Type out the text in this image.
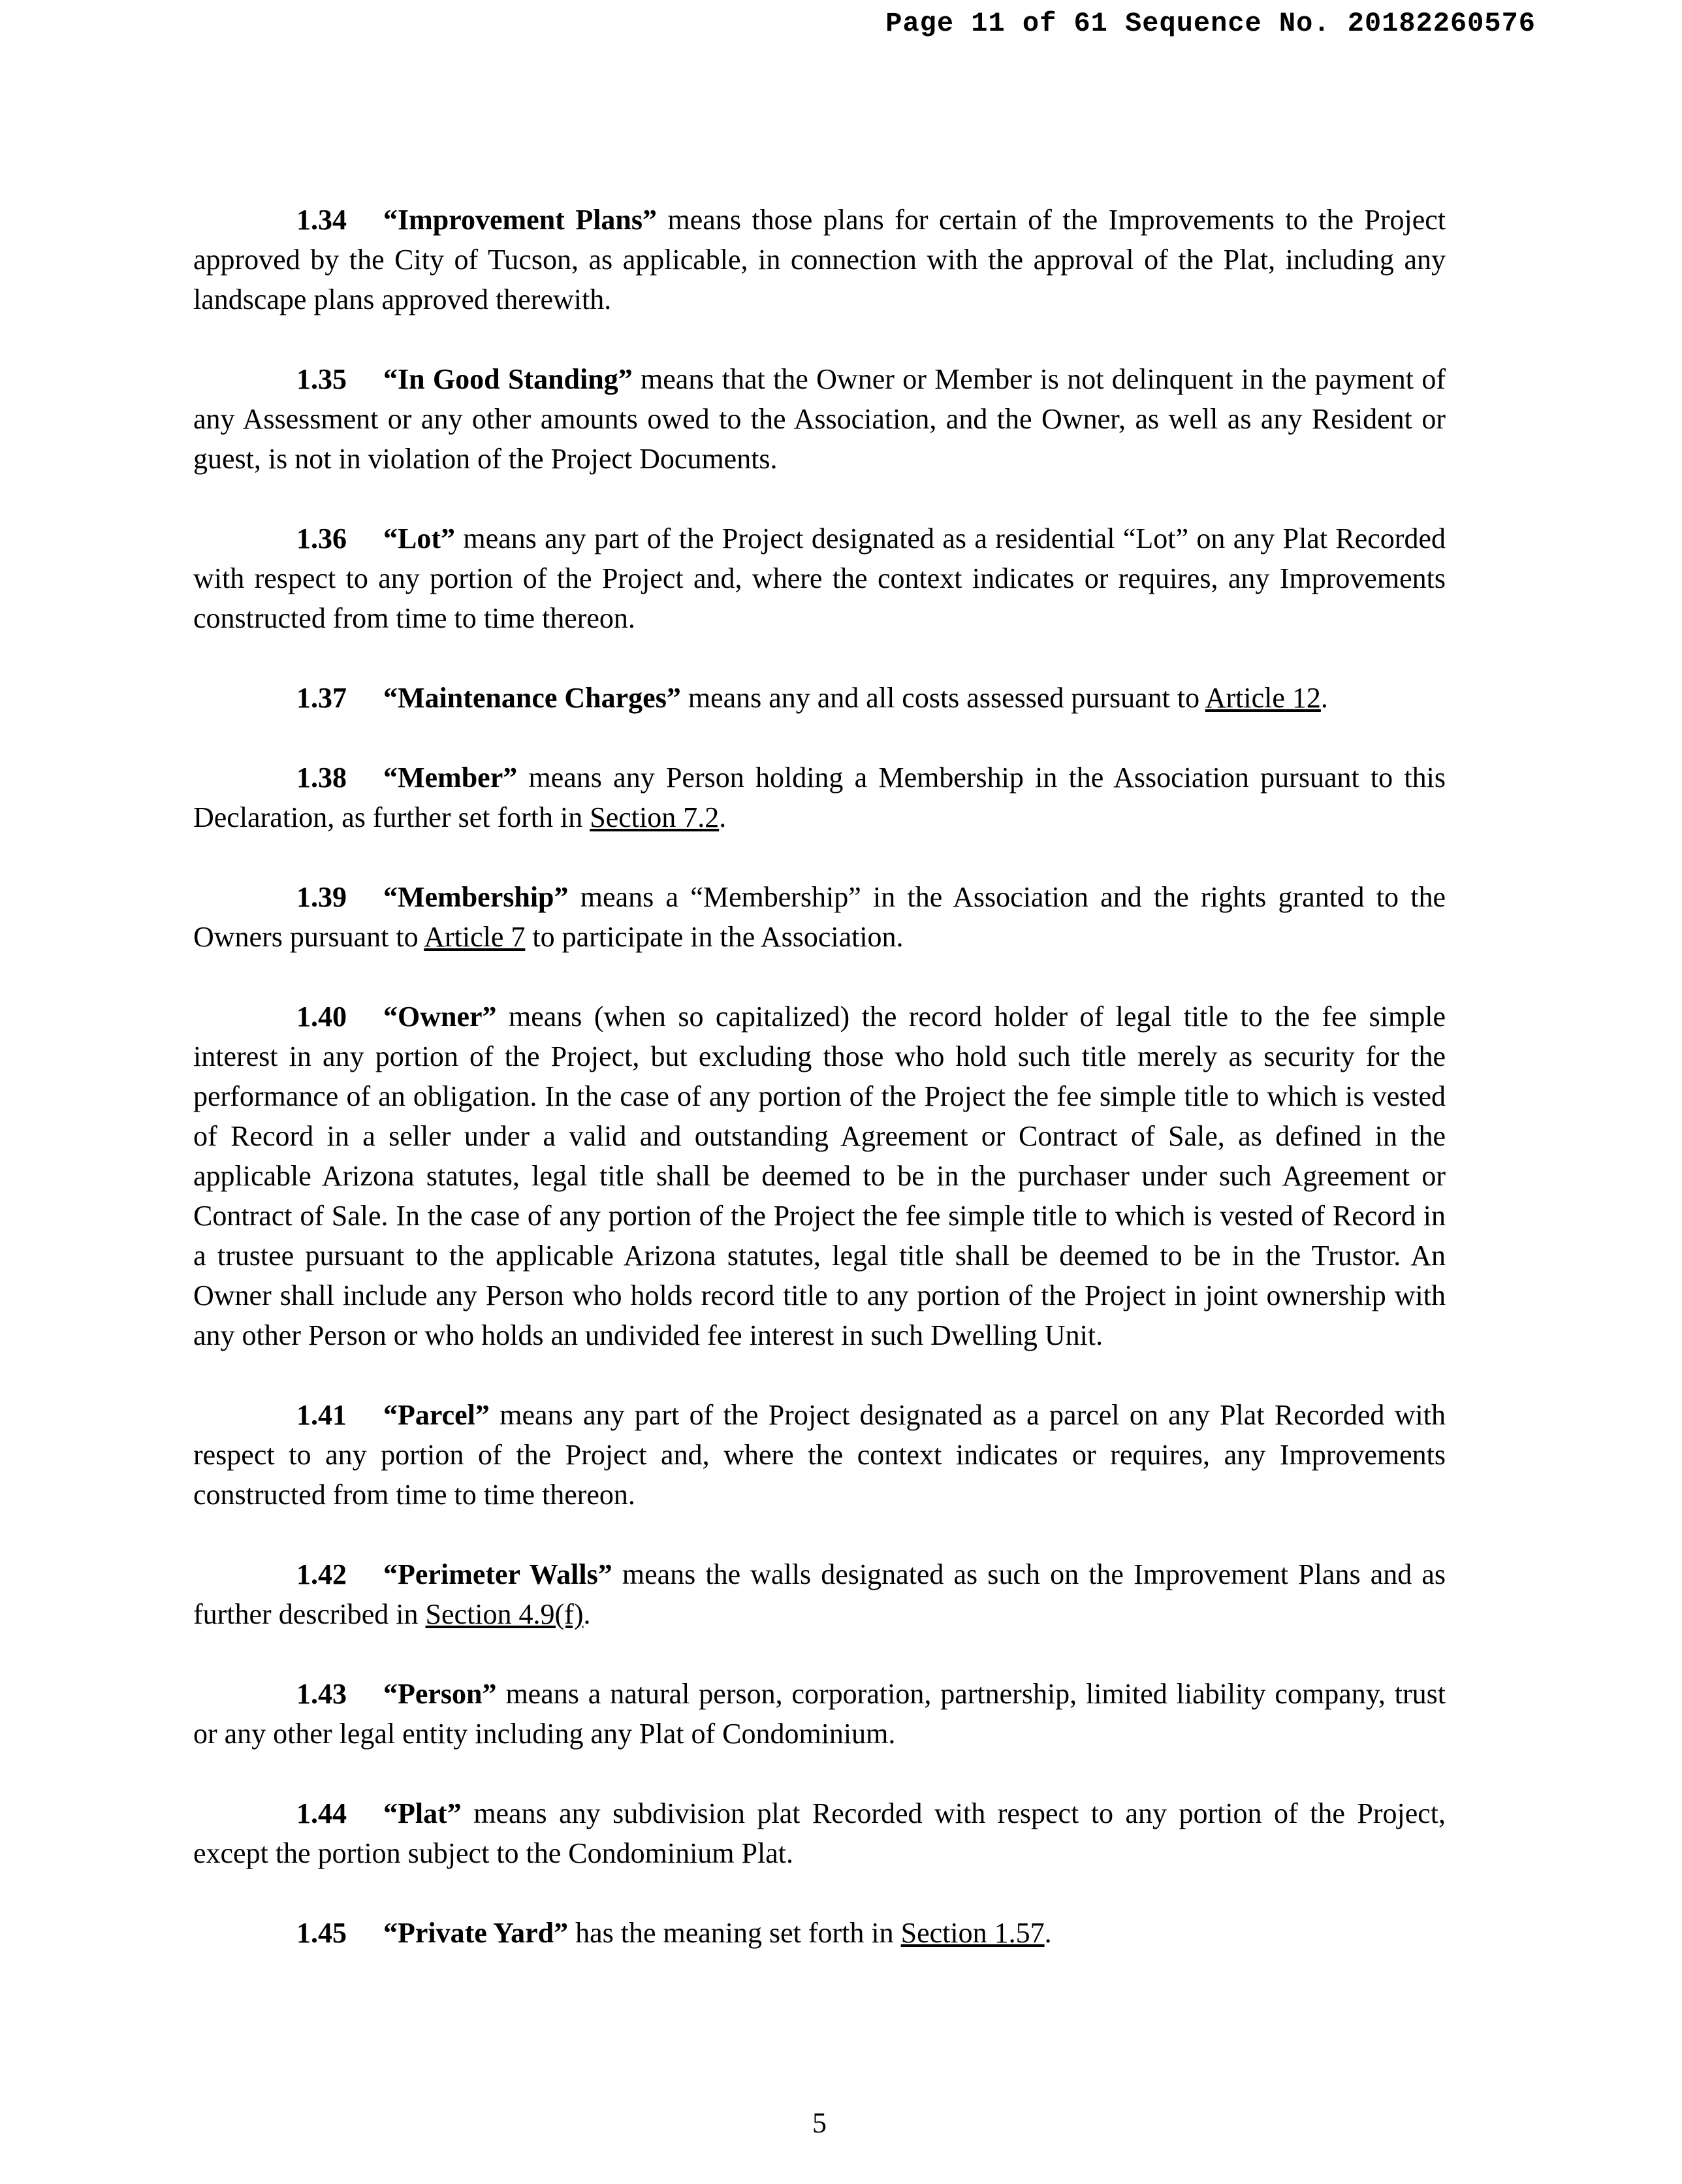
Page 11 of 61 Sequence No. 20182260576

1.34 “Improvement Plans” means those plans for certain of the Improvements to the Project approved by the City of Tucson, as applicable, in connection with the approval of the Plat, including any landscape plans approved therewith.

1.35 “In Good Standing” means that the Owner or Member is not delinquent in the payment of any Assessment or any other amounts owed to the Association, and the Owner, as well as any Resident or guest, is not in violation of the Project Documents.

1.36 “Lot” means any part of the Project designated as a residential “Lot” on any Plat Recorded with respect to any portion of the Project and, where the context indicates or requires, any Improvements constructed from time to time thereon.

1.37 “Maintenance Charges” means any and all costs assessed pursuant to Article 12.

1.38 “Member” means any Person holding a Membership in the Association pursuant to this Declaration, as further set forth in Section 7.2.

1.39 “Membership” means a “Membership” in the Association and the rights granted to the Owners pursuant to Article 7 to participate in the Association.

1.40 “Owner” means (when so capitalized) the record holder of legal title to the fee simple interest in any portion of the Project, but excluding those who hold such title merely as security for the performance of an obligation. In the case of any portion of the Project the fee simple title to which is vested of Record in a seller under a valid and outstanding Agreement or Contract of Sale, as defined in the applicable Arizona statutes, legal title shall be deemed to be in the purchaser under such Agreement or Contract of Sale. In the case of any portion of the Project the fee simple title to which is vested of Record in a trustee pursuant to the applicable Arizona statutes, legal title shall be deemed to be in the Trustor. An Owner shall include any Person who holds record title to any portion of the Project in joint ownership with any other Person or who holds an undivided fee interest in such Dwelling Unit.

1.41 “Parcel” means any part of the Project designated as a parcel on any Plat Recorded with respect to any portion of the Project and, where the context indicates or requires, any Improvements constructed from time to time thereon.

1.42 “Perimeter Walls” means the walls designated as such on the Improvement Plans and as further described in Section 4.9(f).

1.43 “Person” means a natural person, corporation, partnership, limited liability company, trust or any other legal entity including any Plat of Condominium.

1.44 “Plat” means any subdivision plat Recorded with respect to any portion of the Project, except the portion subject to the Condominium Plat.

1.45 “Private Yard” has the meaning set forth in Section 1.57.

5
